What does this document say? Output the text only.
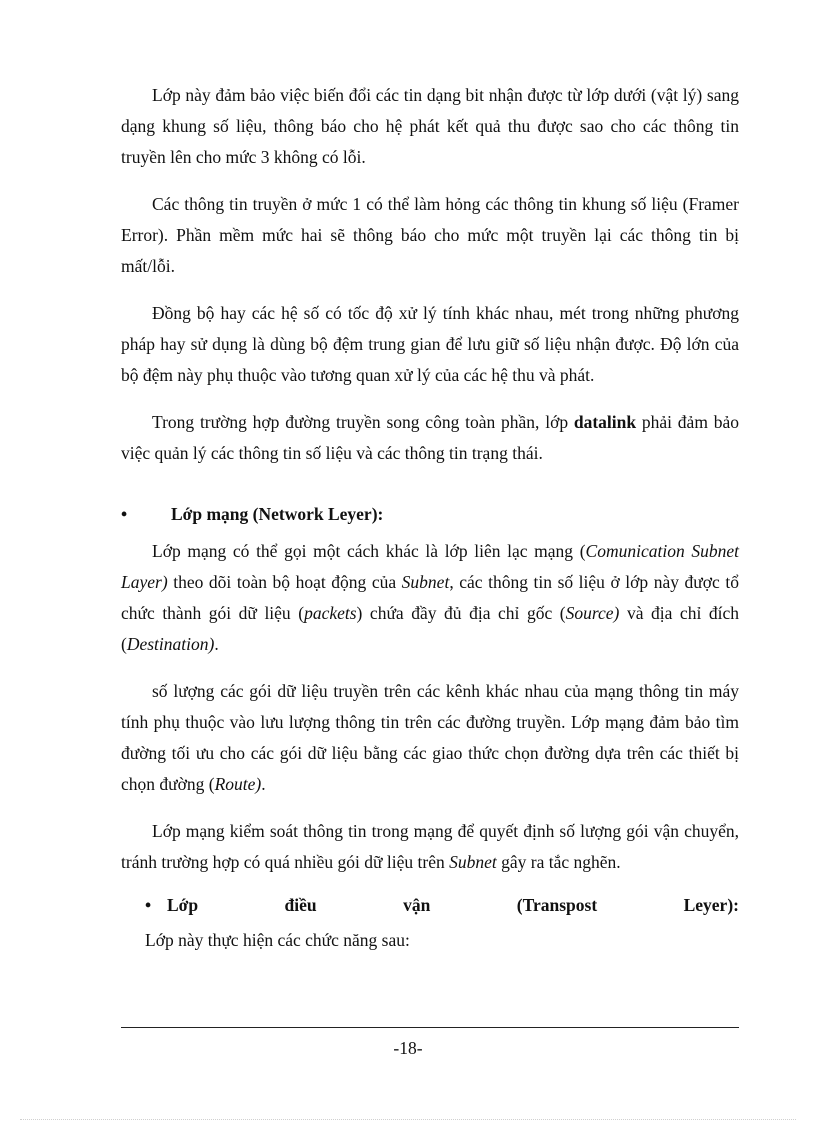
Lớp này đảm bảo việc biến đổi các tin dạng bit nhận được từ lớp dưới (vật lý) sang dạng khung số liệu, thông báo cho hệ phát kết quả thu được sao cho các thông tin truyền lên cho mức 3 không có lỗi.

Các thông tin truyền ở mức 1 có thể làm hỏng các thông tin khung số liệu (Framer Error). Phần mềm mức hai sẽ thông báo cho mức một truyền lại các thông tin bị mất/lỗi.

Đồng bộ hay các hệ số có tốc độ xử lý tính khác nhau, mét trong những phương pháp hay sử dụng là dùng bộ đệm trung gian để lưu giữ số liệu nhận được. Độ lớn của bộ đệm này phụ thuộc vào tương quan xử lý của các hệ thu và phát.

Trong trường hợp đường truyền song công toàn phần, lớp datalink phải đảm bảo việc quản lý các thông tin số liệu và các thông tin trạng thái.

•	Lớp mạng (Network Leyer):

Lớp mạng có thể gọi một cách khác là lớp liên lạc mạng (Comunication Subnet Layer) theo dõi toàn bộ hoạt động của Subnet, các thông tin số liệu ở lớp này được tổ chức thành gói dữ liệu (packets) chứa đầy đủ địa chỉ gốc (Source) và địa chỉ đích (Destination).

số lượng các gói dữ liệu truyền trên các kênh khác nhau của mạng thông tin máy tính phụ thuộc vào lưu lượng thông tin trên các đường truyền. Lớp mạng đảm bảo tìm đường tối ưu cho các gói dữ liệu bằng các giao thức chọn đường dựa trên các thiết bị chọn đường (Route).

Lớp mạng kiểm soát thông tin trong mạng để quyết định số lượng gói vận chuyển, tránh trường hợp có quá nhiều gói dữ liệu trên Subnet gây ra tắc nghẽn.

• Lớp	điều	vận	(Transpost	Leyer):
Lớp này thực hiện các chức năng sau:
-18-
